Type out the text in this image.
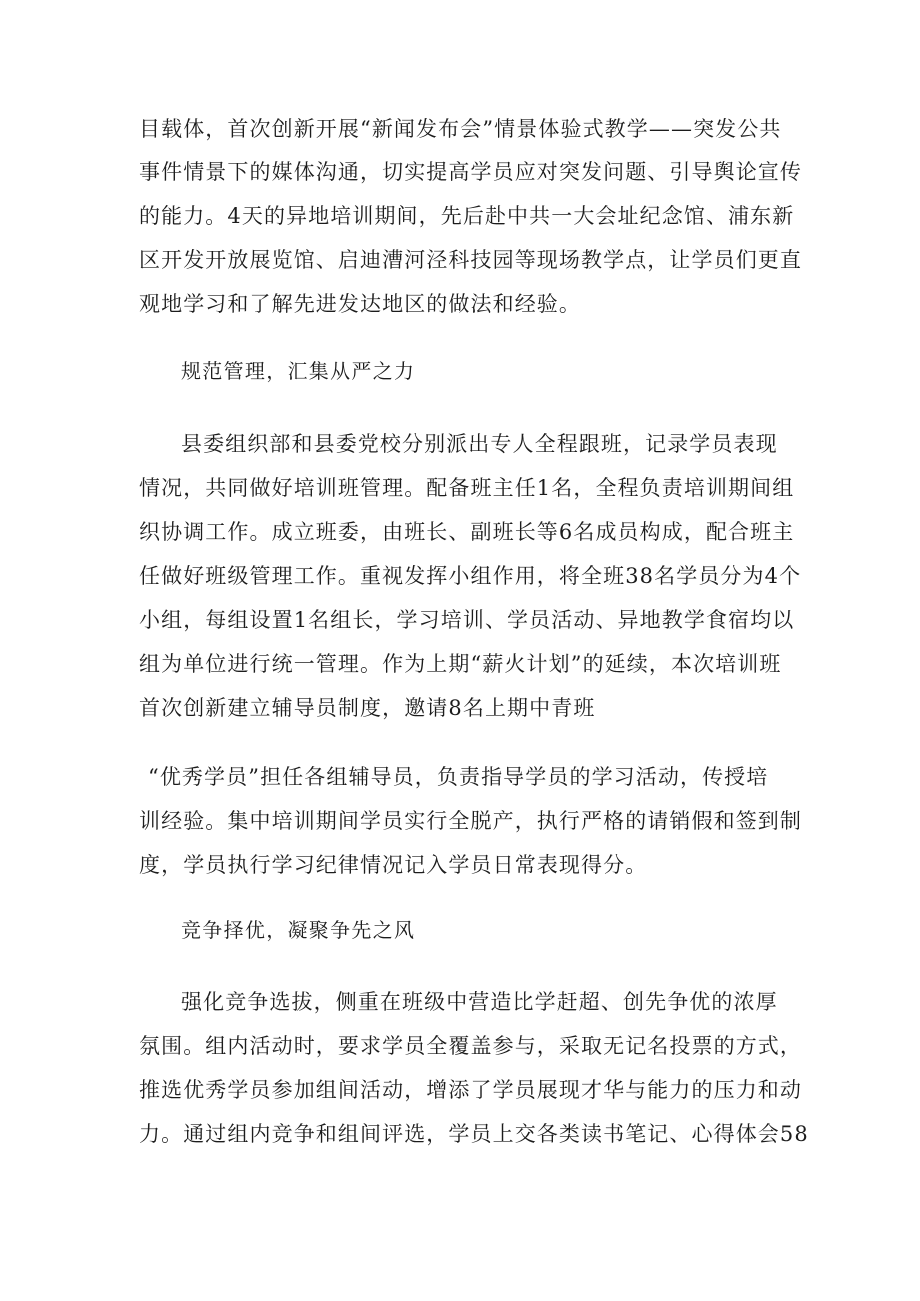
目载体，首次创新开展“新闻发布会”情景体验式教学——突发公共
事件情景下的媒体沟通，切实提高学员应对突发问题、引导舆论宣传
的能力。4天的异地培训期间，先后赴中共一大会址纪念馆、浦东新
区开发开放展览馆、启迪漕河泾科技园等现场教学点，让学员们更直
观地学习和了解先进发达地区的做法和经验。
规范管理，汇集从严之力
县委组织部和县委党校分别派出专人全程跟班，记录学员表现
情况，共同做好培训班管理。配备班主任1名，全程负责培训期间组
织协调工作。成立班委，由班长、副班长等6名成员构成，配合班主
任做好班级管理工作。重视发挥小组作用，将全班38名学员分为4个
小组，每组设置1名组长，学习培训、学员活动、异地教学食宿均以
组为单位进行统一管理。作为上期“薪火计划”的延续，本次培训班
首次创新建立辅导员制度，邀请8名上期中青班
“优秀学员”担任各组辅导员，负责指导学员的学习活动，传授培
训经验。集中培训期间学员实行全脱产，执行严格的请销假和签到制
度，学员执行学习纪律情况记入学员日常表现得分。
竞争择优，凝聚争先之风
强化竞争选拔，侧重在班级中营造比学赶超、创先争优的浓厚
氛围。组内活动时，要求学员全覆盖参与，采取无记名投票的方式，
推选优秀学员参加组间活动，增添了学员展现才华与能力的压力和动
力。通过组内竞争和组间评选，学员上交各类读书笔记、心得体会58
